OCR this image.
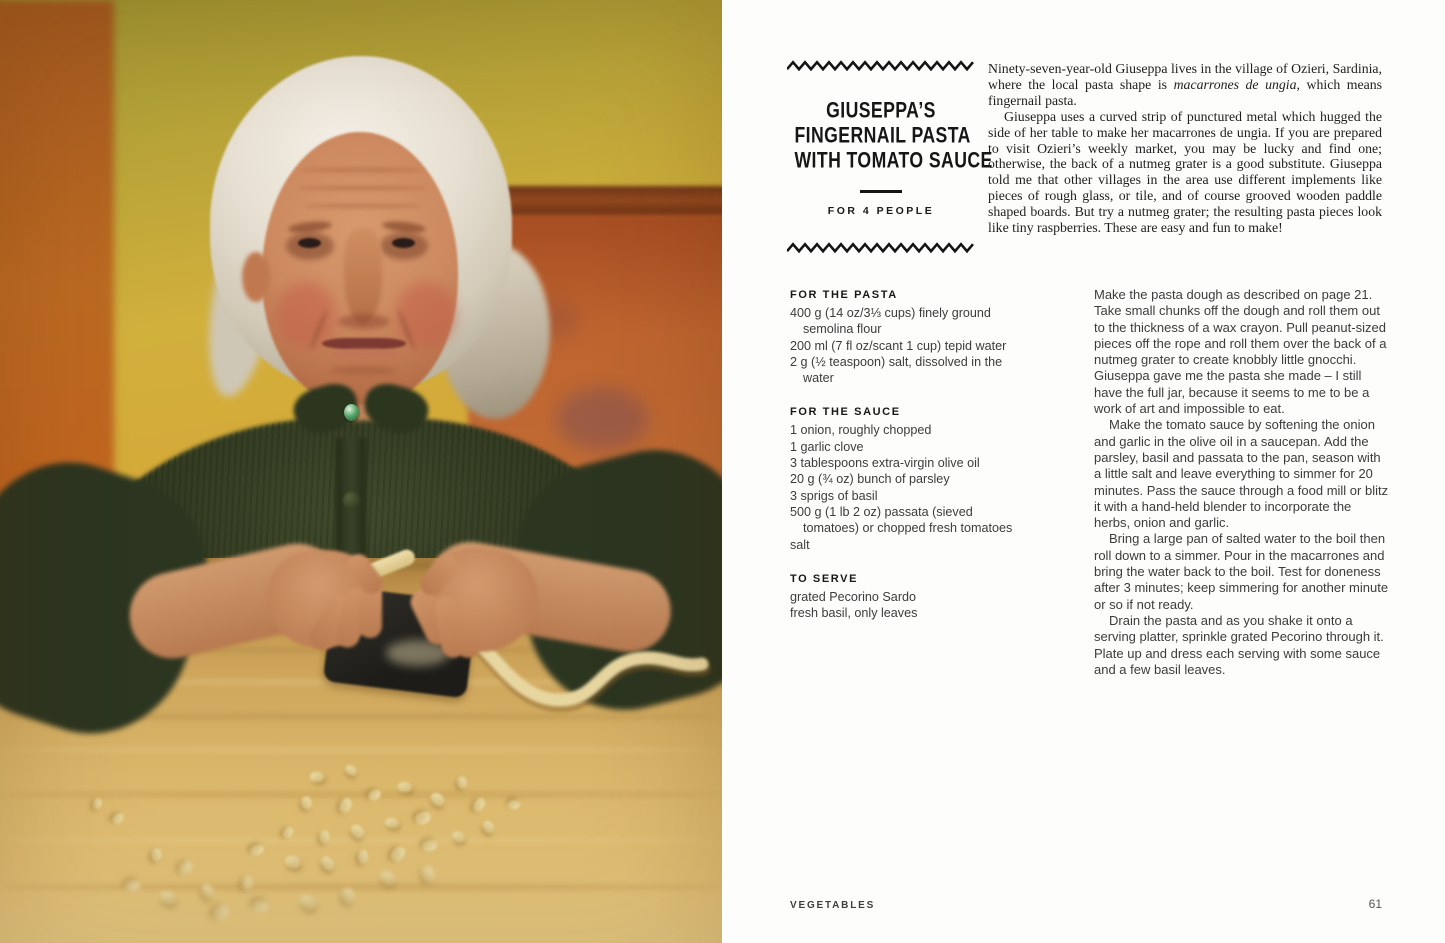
GIUSEPPA’S
FINGERNAIL PASTA
WITH TOMATO SAUCE
FOR 4 PEOPLE

Ninety-seven-year-old Giuseppa lives in the village of Ozieri, Sardinia, where the local pasta shape is macarrones de ungia, which means fingernail pasta.

Giuseppa uses a curved strip of punctured metal which hugged the side of her table to make her macarrones de ungia. If you are prepared to visit Ozieri’s weekly market, you may be lucky and find one; otherwise, the back of a nutmeg grater is a good substitute. Giuseppa told me that other villages in the area use different implements like pieces of rough glass, or tile, and of course grooved wooden paddle shaped boards. But try a nutmeg grater; the resulting pasta pieces look like tiny raspberries. These are easy and fun to make!

FOR THE PASTA
400 g (14 oz/3⅓ cups) finely ground semolina flour
200 ml (7 fl oz/scant 1 cup) tepid water
2 g (½ teaspoon) salt, dissolved in the water
FOR THE SAUCE
1 onion, roughly chopped
1 garlic clove
3 tablespoons extra-virgin olive oil
20 g (¾ oz) bunch of parsley
3 sprigs of basil
500 g (1 lb 2 oz) passata (sieved tomatoes) or chopped fresh tomatoes
salt
TO SERVE
grated Pecorino Sardo
fresh basil, only leaves

Make the pasta dough as described on page 21. Take small chunks off the dough and roll them out to the thickness of a wax crayon. Pull peanut-sized pieces off the rope and roll them over the back of a nutmeg grater to create knobbly little gnocchi. Giuseppa gave me the pasta she made – I still have the full jar, because it seems to me to be a work of art and impossible to eat.

Make the tomato sauce by softening the onion and garlic in the olive oil in a saucepan. Add the parsley, basil and passata to the pan, season with a little salt and leave everything to simmer for 20 minutes. Pass the sauce through a food mill or blitz it with a hand-held blender to incorporate the herbs, onion and garlic.

Bring a large pan of salted water to the boil then roll down to a simmer. Pour in the macarrones and bring the water back to the boil. Test for doneness after 3 minutes; keep simmering for another minute or so if not ready.

Drain the pasta and as you shake it onto a serving platter, sprinkle grated Pecorino through it. Plate up and dress each serving with some sauce and a few basil leaves.

VEGETABLES	61
